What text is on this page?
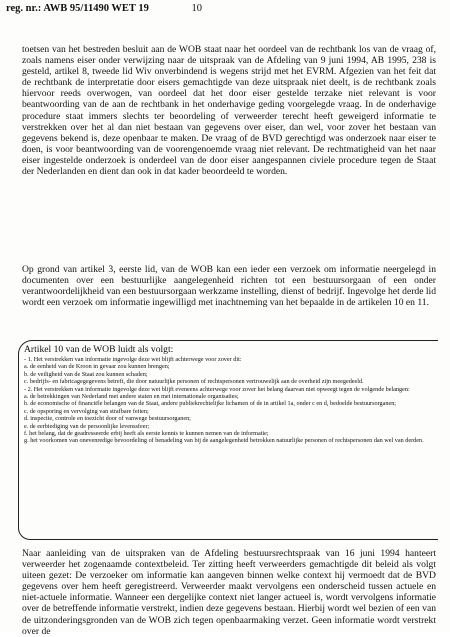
reg. nr.: AWB 95/11490 WET 19	10

toetsen van het bestreden besluit aan de WOB staat naar het oordeel van de rechtbank los van de vraag of, zoals namens eiser onder verwijzing naar de uitspraak van de Afdeling van 9 juni 1994, AB 1995, 238 is gesteld, artikel 8, tweede lid Wiv onverbindend is wegens strijd met het EVRM. Afgezien van het feit dat de rechtbank de interpretatie door eisers gemachtigde van deze uitspraak niet deelt, is de rechtbank zoals hiervoor reeds overwogen, van oordeel dat het door eiser gestelde terzake niet relevant is voor beantwoording van de aan de rechtbank in het onderhavige geding voorgelegde vraag. In de onderhavige procedure staat immers slechts ter beoordeling of verweerder terecht heeft geweigerd informatie te verstrekken over het al dan niet bestaan van gegevens over eiser, dan wel, voor zover het bestaan van gegevens bekend is, deze openbaar te maken. De vraag of de BVD gerechtigd was onderzoek naar eiser te doen, is voor beantwoording van de voorengenoemde vraag niet relevant. De rechtmatigheid van het naar eiser ingestelde onderzoek is onderdeel van de door eiser aangespannen civiele procedure tegen de Staat der Nederlanden en dient dan ook in dat kader beoordeeld te worden.

Op grond van artikel 3, eerste lid, van de WOB kan een ieder een verzoek om informatie neergelegd in documenten over een bestuurlijke aangelegenheid richten tot een bestuursorgaan of een onder verantwoordelijkheid van een bestuursorgaan werkzame instelling, dienst of bedrijf. Ingevolge het derde lid wordt een verzoek om informatie ingewilligd met inachtneming van het bepaalde in de artikelen 10 en 11.

Artikel 10 van de WOB luidt als volgt:
- 1. Het verstrekken van informatie ingevolge deze wet blijft achterwege voor zover dit:
a. de eenheid van de Kroon in gevaar zou kunnen brengen;
b. de veiligheid van de Staat zou kunnen schaden;
c. bedrijfs- en fabricagegegevens betreft, die door natuurlijke personen of rechtspersonen vertrouwelijk aan de overheid zijn meegedeeld.
- 2. Het verstrekken van informatie ingevolge deze wet blijft eveneens achterwege voor zover het belang daarvan niet opweegt tegen de volgende belangen:
a. de betrekkingen van Nederland met andere staten en met internationale organisaties;
b. de economische of financiële belangen van de Staat, andere publiekrechtelijke lichamen of de in artikel 1a, onder c en d, bedoelde bestuursorganen;
c. de opsporing en vervolging van strafbare feiten;
d. inspectie, controle en toezicht door of vanwege bestuursorganen;
e. de eerbiediging van de persoonlijke levenssfeer;
f. het belang, dat de geadresseerde erbij heeft als eerste kennis te kunnen nemen van de informatie;
g. het voorkomen van onevenredige bevoordeling of benadeling van bij de aangelegenheid betrokken natuurlijke personen of rechtspersonen dan wel van derden.

Naar aanleiding van de uitspraken van de Afdeling bestuursrechtspraak van 16 juni 1994 hanteert verweerder het zogenaamde contextbeleid. Ter zitting heeft verweerders gemachtigde dit beleid als volgt uiteen gezet: De verzoeker om informatie kan aangeven binnen welke context hij vermoedt dat de BVD gegevens over hem heeft geregistreerd. Verweerder maakt vervolgens een onderscheid tussen actuele en niet-actuele informatie. Wanneer een dergelijke context niet langer actueel is, wordt vervolgens informatie over de betreffende informatie verstrekt, indien deze gegevens bestaan. Hierbij wordt wel bezien of een van de uitzonderingsgronden van de WOB zich tegen openbaarmaking verzet. Geen informatie wordt verstrekt over de
